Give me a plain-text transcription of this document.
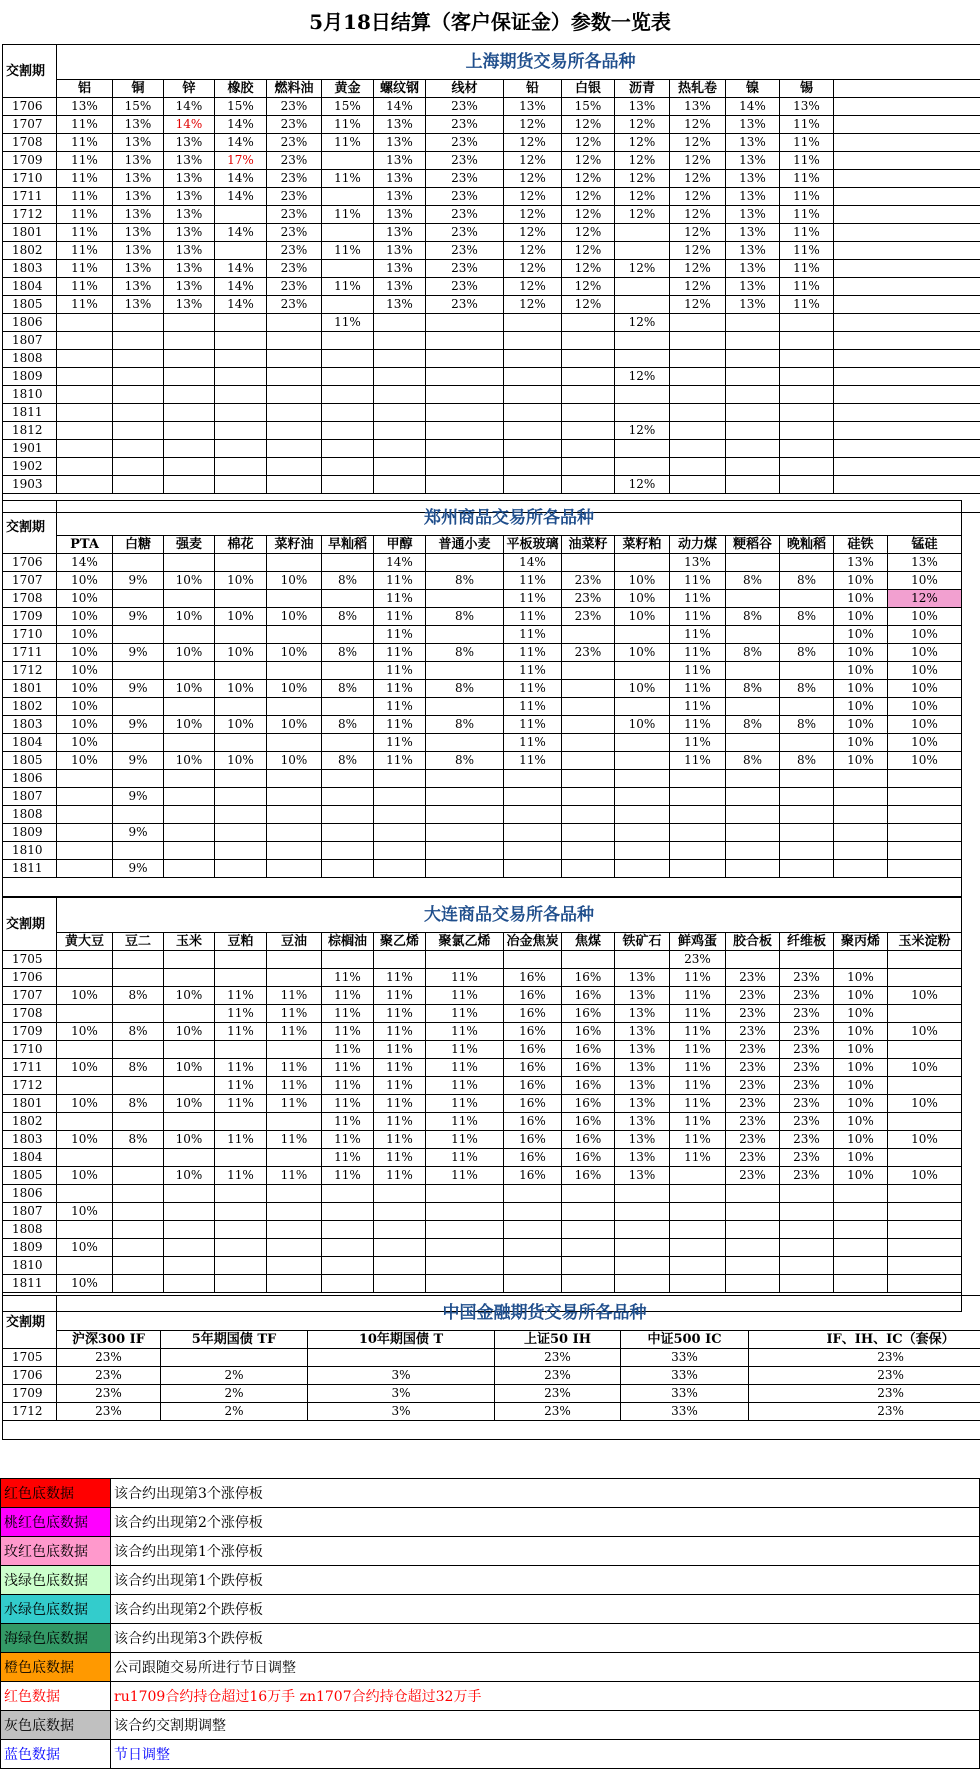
5月18日结算（客户保证金）参数一览表
交割期	上海期货交易所各品种														
	铝	铜	锌	橡胶	燃料油	黄金	螺纹钢	线材	铅	白银	沥青	热轧卷	镍	锡	
1706	13%	15%	14%	15%	23%	15%	14%	23%	13%	15%	13%	13%	14%	13%	
1707	11%	13%	14%	14%	23%	11%	13%	23%	12%	12%	12%	12%	13%	11%	
1708	11%	13%	13%	14%	23%	11%	13%	23%	12%	12%	12%	12%	13%	11%	
1709	11%	13%	13%	17%	23%		13%	23%	12%	12%	12%	12%	13%	11%	
1710	11%	13%	13%	14%	23%	11%	13%	23%	12%	12%	12%	12%	13%	11%	
1711	11%	13%	13%	14%	23%		13%	23%	12%	12%	12%	12%	13%	11%	
1712	11%	13%	13%		23%	11%	13%	23%	12%	12%	12%	12%	13%	11%	
1801	11%	13%	13%	14%	23%		13%	23%	12%	12%		12%	13%	11%	
1802	11%	13%	13%		23%	11%	13%	23%	12%	12%		12%	13%	11%	
1803	11%	13%	13%	14%	23%		13%	23%	12%	12%	12%	12%	13%	11%	
1804	11%	13%	13%	14%	23%	11%	13%	23%	12%	12%		12%	13%	11%	
1805	11%	13%	13%	14%	23%		13%	23%	12%	12%		12%	13%	11%	
1806						11%					12%				
1807															
1808															
1809											12%				
1810															
1811															
1812											12%				
1901															
1902															
1903											12%				

交割期	郑州商品交易所各品种															
	PTA	白糖	强麦	棉花	菜籽油	早籼稻	甲醇	普通小麦	平板玻璃	油菜籽	菜籽粕	动力煤	粳稻谷	晚籼稻	硅铁	锰硅
1706	14%						14%		14%			13%			13%	13%
1707	10%	9%	10%	10%	10%	8%	11%	8%	11%	23%	10%	11%	8%	8%	10%	10%
1708	10%						11%		11%	23%	10%	11%			10%	12%
1709	10%	9%	10%	10%	10%	8%	11%	8%	11%	23%	10%	11%	8%	8%	10%	10%
1710	10%						11%		11%			11%			10%	10%
1711	10%	9%	10%	10%	10%	8%	11%	8%	11%	23%	10%	11%	8%	8%	10%	10%
1712	10%						11%		11%			11%			10%	10%
1801	10%	9%	10%	10%	10%	8%	11%	8%	11%		10%	11%	8%	8%	10%	10%
1802	10%						11%		11%			11%			10%	10%
1803	10%	9%	10%	10%	10%	8%	11%	8%	11%		10%	11%	8%	8%	10%	10%
1804	10%						11%		11%			11%			10%	10%
1805	10%	9%	10%	10%	10%	8%	11%	8%	11%			11%	8%	8%	10%	10%
1806																
1807		9%														
1808																
1809		9%														
1810																
1811		9%														

交割期	大连商品交易所各品种															
	黄大豆	豆二	玉米	豆粕	豆油	棕榈油	聚乙烯	聚氯乙烯	冶金焦炭	焦煤	铁矿石	鲜鸡蛋	胶合板	纤维板	聚丙烯	玉米淀粉
1705												23%				
1706						11%	11%	11%	16%	16%	13%	11%	23%	23%	10%	
1707	10%	8%	10%	11%	11%	11%	11%	11%	16%	16%	13%	11%	23%	23%	10%	10%
1708				11%	11%	11%	11%	11%	16%	16%	13%	11%	23%	23%	10%	
1709	10%	8%	10%	11%	11%	11%	11%	11%	16%	16%	13%	11%	23%	23%	10%	10%
1710						11%	11%	11%	16%	16%	13%	11%	23%	23%	10%	
1711	10%	8%	10%	11%	11%	11%	11%	11%	16%	16%	13%	11%	23%	23%	10%	10%
1712				11%	11%	11%	11%	11%	16%	16%	13%	11%	23%	23%	10%	
1801	10%	8%	10%	11%	11%	11%	11%	11%	16%	16%	13%	11%	23%	23%	10%	10%
1802						11%	11%	11%	16%	16%	13%	11%	23%	23%	10%	
1803	10%	8%	10%	11%	11%	11%	11%	11%	16%	16%	13%	11%	23%	23%	10%	10%
1804						11%	11%	11%	16%	16%	13%	11%	23%	23%	10%	
1805	10%		10%	11%	11%	11%	11%	11%	16%	16%	13%		23%	23%	10%	10%
1806																
1807	10%															
1808																
1809	10%															
1810																
1811	10%															

交割期	中国金融期货交易所各品种					
	沪深300 IF	5年期国债 TF	10年期国债 T	上证50 IH	中证500 IC	IF、IH、IC（套保）
1705	23%			23%	33%	23%
1706	23%	2%	3%	23%	33%	23%
1709	23%	2%	3%	23%	33%	23%
1712	23%	2%	3%	23%	33%	23%

红色底数据	该合约出现第3个涨停板
桃红色底数据	该合约出现第2个涨停板
玫红色底数据	该合约出现第1个涨停板
浅绿色底数据	该合约出现第1个跌停板
水绿色底数据	该合约出现第2个跌停板
海绿色底数据	该合约出现第3个跌停板
橙色底数据	公司跟随交易所进行节日调整
红色数据	ru1709合约持仓超过16万手 zn1707合约持仓超过32万手
灰色底数据	该合约交割期调整
蓝色数据	节日调整
